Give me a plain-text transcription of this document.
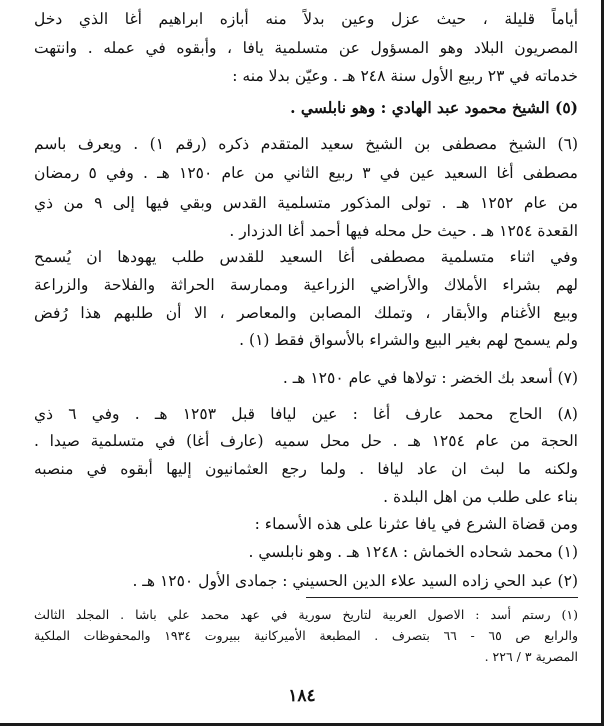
أياماً قليلة ، حيث عزل وعين بدلاً منه أبازه ابراهيم أغا الذي دخل
المصريون البلاد وهو المسؤول عن متسلمية يافا ، وأبقوه في عمله . وانتهت
خدماته في ٢٣ ربيع الأول سنة ٢٤٨ هـ . وعيّن بدلا منه :
(٥) الشيخ محمود عبد الهادي : وهو نابلسي .
(٦) الشيخ مصطفى بن الشيخ سعيد المتقدم ذكره (رقم ١) . ويعرف باسم
مصطفى أغا السعيد عين في ٣ ربيع الثاني من عام ١٢٥٠ هـ . وفي ٥ رمضان
من عام ١٢٥٢ هـ . تولى المذكور متسلمية القدس وبقي فيها إلى ٩ من ذي
القعدة ١٢٥٤ هـ . حيث حل محله فيها أحمد أغا الدزدار .
وفي اثناء متسلمية مصطفى أغا السعيد للقدس طلب يهودها ان يُسمح
لهم بشراء الأملاك والأراضي الزراعية وممارسة الحراثة والفلاحة والزراعة
وبيع الأغنام والأبقار ، وتملك المصابن والمعاصر ، الا أن طلبهم هذا رُفض
ولم يسمح لهم بغير البيع والشراء بالأسواق فقط (١) .
(٧) أسعد بك الخضر : تولاها في عام ١٢٥٠ هـ .
(٨) الحاج محمد عارف أغا : عين ليافا قبل ١٢٥٣ هـ . وفي ٦ ذي
الحجة من عام ١٢٥٤ هـ . حل محل سميه (عارف أغا) في متسلمية صيدا .
ولكنه ما لبث ان عاد ليافا . ولما رجع العثمانيون إليها أبقوه في منصبه
بناء على طلب من اهل البلدة .
ومن قضاة الشرع في يافا عثرنا على هذه الأسماء :
(١) محمد شحاده الخماش : ١٢٤٨ هـ . وهو نابلسي .
(٢) عبد الحي زاده السيد علاء الدين الحسيني : جمادى الأول ١٢٥٠ هـ .
(١) رستم أسد : الاصول العربية لتاريخ سورية في عهد محمد علي باشا . المجلد الثالث
والرابع ص ٦٥ - ٦٦ بتصرف . المطبعة الأميركانية ببيروت ١٩٣٤ والمحفوظات الملكية
المصرية ٣ / ٢٢٦ .
١٨٤
